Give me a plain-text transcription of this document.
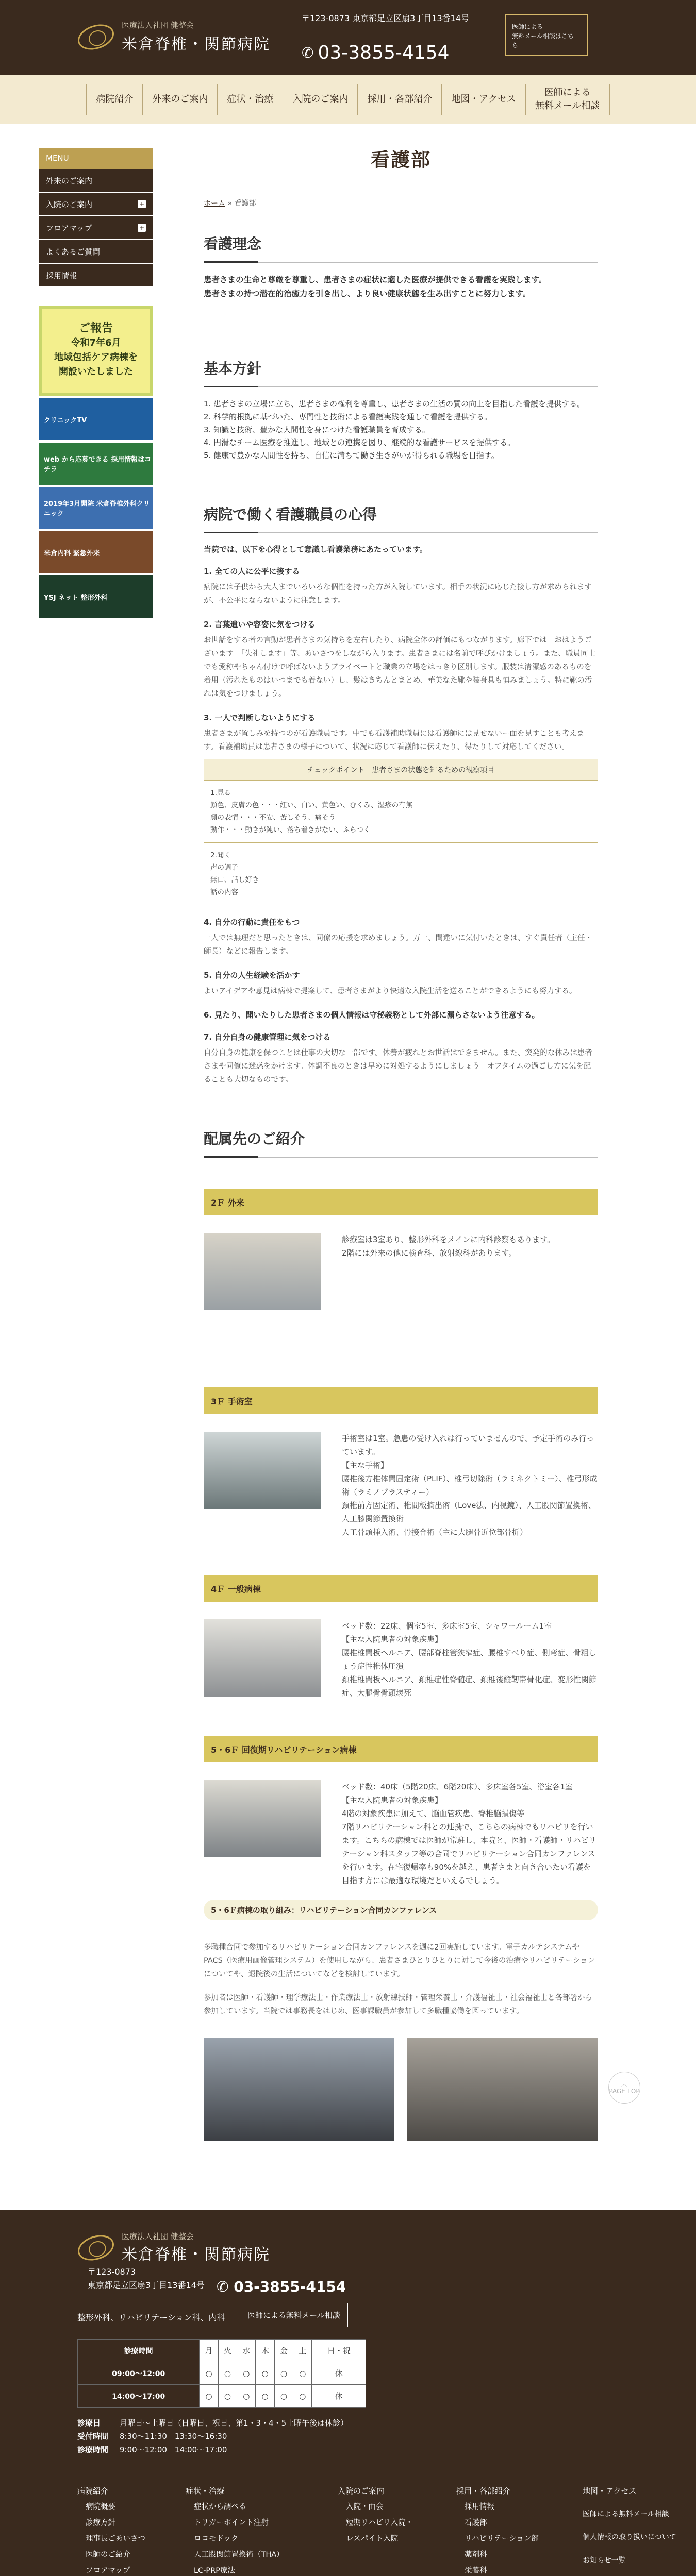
医療法人社団 健整会
米倉脊椎・関節病院
〒123-0873 東京都足立区扇3丁目13番14号
✆ 03-3855-4154
医師による
無料メール相談はこち
ら
病院紹介 外来のご案内 症状・治療 入院のご案内 採用・各部紹介 地図・アクセス
医師による
無料メール相談
MENU
外来のご案内
入院のご案内	+
フロアマップ	+
よくあるご質問
採用情報
ご報告
令和7年6月
地域包括ケア病棟を
開設いたしました
クリニックTV
web から応募できる 採用情報はコチラ
2019年3月開院 米倉脊椎外科クリニック
米倉内科 緊急外来
YSJ ネット 整形外科
看護部
ホーム » 看護部
看護理念

患者さまの生命と尊厳を尊重し、患者さまの症状に適した医療が提供できる看護を実践します。

患者さまの持つ潜在的治癒力を引き出し、より良い健康状態を生み出すことに努力します。

基本方針
1. 患者さまの立場に立ち、患者さまの権利を尊重し、患者さまの生活の質の向上を目指した看護を提供する。
2. 科学的根拠に基づいた、専門性と技術による看護実践を通して看護を提供する。
3. 知識と技術、豊かな人間性を身につけた看護職員を育成する。
4. 円滑なチーム医療を推進し、地域との連携を図り、継続的な看護サービスを提供する。
5. 健康で豊かな人間性を持ち、自信に満ちて働き生きがいが得られる職場を目指す。
病院で働く看護職員の心得

当院では、以下を心得として意識し看護業務にあたっています。

1. 全ての人に公平に接する

病院には子供から大人までいろいろな個性を持った方が入院しています。相手の状況に応じた接し方が求められますが、不公平にならないように注意します。

2. 言葉遣いや容姿に気をつける

お世話をする者の言動が患者さまの気持ちを左右したり、病院全体の評価にもつながります。廊下では「おはようございます」「失礼します」等、あいさつをしながら入ります。患者さまには名前で呼びかけましょう。また、職員同士でも愛称やちゃん付けで呼ばないようプライベートと職業の立場をはっきり区別します。服装は清潔感のあるものを着用（汚れたものはいつまでも着ない）し、髪はきちんとまとめ、華美なた靴や装身具も慎みましょう。特に靴の汚れは気をつけましょう。

3. 一人で判断しないようにする

患者さまが置しみを持つのが看護職員です。中でも看護補助職員には看護師には見せないー面を見すことも考えます。看護補助員は患者さまの様子について、状況に応じて看護師に伝えたり、得たりして対応してください。

チェックポイント　患者さまの状態を知るための観察項目
1.見る
顔色、皮膚の色・・・紅い、白い、黄色い、むくみ、湿疹の有無
顔の表情・・・不安、苦しそう、痛そう
動作・・・動きが鈍い、落ち着きがない、ふらつく
2.聞く
声の調子
無口、話し好き
話の内容
4. 自分の行動に責任をもつ

一人では無理だと思ったときは、同僚の応援を求めましょう。万一、間違いに気付いたときは、すぐ責任者（主任・師長）などに報告します。

5. 自分の人生経験を活かす

よいアイデアや意見は病棟で提案して、患者さまがより快適な入院生活を送ることができるようにも努力する。

6. 見たり、聞いたりした患者さまの個人情報は守秘義務として外部に漏らさないよう注意する。
7. 自分自身の健康管理に気をつける

自分自身の健康を保つことは仕事の大切な一部です。休養が疲れとお世話はできません。また、突発的な休みは患者さまや同僚に迷惑をかけます。体調不良のときは早めに対処するようにしましょう。オフタイムの過ごし方に気を配ることも大切なものです。

配属先のご紹介
2Ｆ 外来
診療室は3室あり、整形外科をメインに内科診察もあります。
2階には外来の他に検査科、放射線科があります。
3Ｆ 手術室
手術室は1室。急患の受け入れは行っていませんので、予定手術のみ行っています。
【主な手術】
腰椎後方椎体間固定術（PLIF）、椎弓切除術（ラミネクトミー）、椎弓形成術（ラミノプラスティー）
頚椎前方固定術、椎間板摘出術（Love法、内視鏡）、人工股関節置換術、人工膝関節置換術
人工骨頭挿入術、骨接合術（主に大腿骨近位部骨折）
4Ｆ 一般病棟
ベッド数：22床、個室5室、多床室5室、シャワールーム1室
【主な入院患者の対象疾患】
腰椎椎間板ヘルニア、腰部脊柱管狭窄症、腰椎すべり症、側弯症、骨粗しょう症性椎体圧潰
頚椎椎間板ヘルニア、頚椎症性脊髄症、頚椎後縦靭帯骨化症、変形性関節症、大腿骨骨頭壊死
5・6Ｆ 回復期リハビリテーション病棟
ベッド数：40床（5階20床、6階20床）、多床室各5室、浴室各1室
【主な入院患者の対象疾患】
4階の対象疾患に加えて、脳血管疾患、脊椎脳損傷等
7階リハビリテーション科との連携で、こちらの病棟でもリハビリを行います。こちらの病棟では医師が常駐し、本院と、医師・看護師・リハビリテーション科スタッフ等の合同でリハビリテーション合同カンファレンスを行います。在宅復帰率も90%を越え、患者さまと向き合いたい看護を目指す方には最適な環境だといえるでしょう。
5・6Ｆ病棟の取り組み：リハビリテーション合同カンファレンス

多職種合同で参加するリハビリテーション合同カンファレンスを週に2回実施しています。電子カルテシステムやPACS（医療用画像管理システム）を使用しながら、患者さまひとりひとりに対して今後の治療やリハビリテーションについてや、退院後の生活についてなどを検討しています。

参加者は医師・看護師・理学療法士・作業療法士・放射線技師・管理栄養士・介護福祉士・社会福祉士と各部署から参加しています。当院では事務長をはじめ、医事課職員が参加して多職種協働を図っています。

︿
PAGE TOP
医療法人社団 健整会
米倉脊椎・関節病院
〒123-0873
東京都足立区扇3丁目13番14号 ✆ 03-3855-4154
整形外科、リハビリテーション科、内科	医師による無料メール相談
診療時間	月	火	水	木	金	土	日・祝
09:00〜12:00	○	○	○	○	○	○	休
14:00〜17:00	○	○	○	○	○	○	休
診療日 月曜日〜土曜日（日曜日、祝日、第1・3・4・5土曜午後は休診）
受付時間 8:30〜11:30　13:30〜16:30
診療時間 9:00〜12:00　14:00〜17:00
病院紹介
病院概要
診療方針
理事長ごあいさつ
医師のご紹介
フロアマップ
症状・治療
症状から調べる
トリガーポイント注射
ロコモドック
人工股関節置換術（THA）
LC-PRP療法
入院のご案内
入院・面会
短期リハビリ入院・
レスパイト入院
採用・各部紹介
採用情報
看護部
リハビリテーション部
薬剤科
栄養科
地図・アクセス
医師による無料メール相談
個人情報の取り扱いについて
お知らせ一覧
